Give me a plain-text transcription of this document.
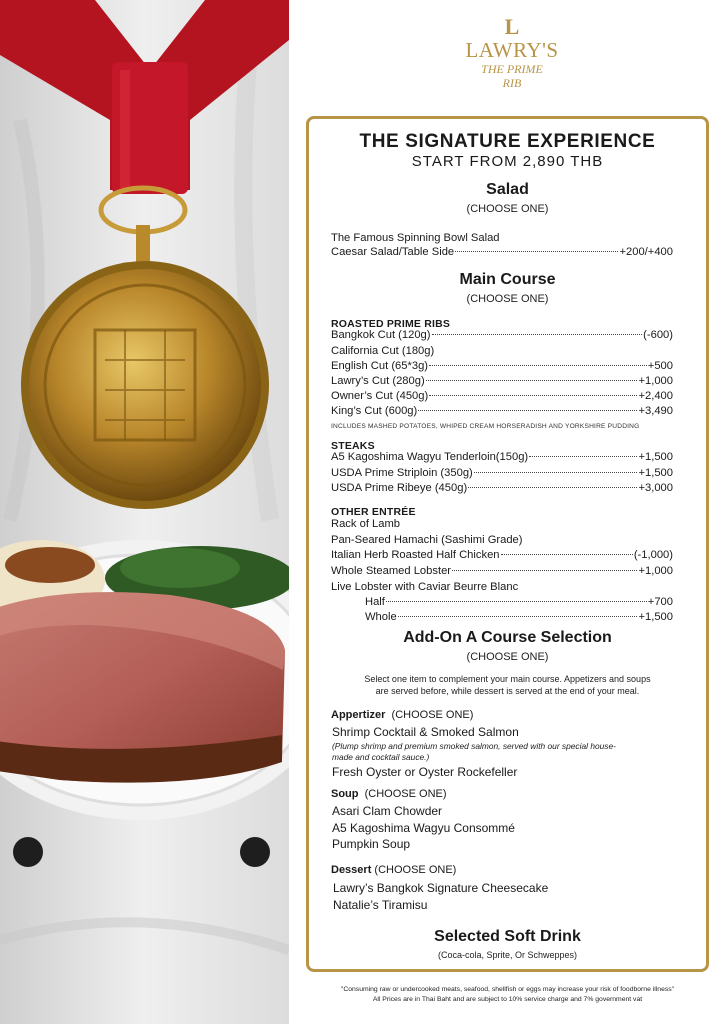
L
LAWRY'S
THE PRIME
RIB
THE SIGNATURE EXPERIENCE
START FROM 2,890 THB
Salad
(CHOOSE ONE)
The Famous Spinning Bowl Salad
Caesar Salad/Table Side	+200/+400
Main Course
(CHOOSE ONE)
ROASTED PRIME RIBS
Bangkok Cut (120g)	(-600)
California Cut (180g)
English Cut (65*3g)	+500
Lawry’s Cut (280g)	+1,000
Owner’s Cut (450g)	+2,400
King’s Cut (600g)	+3,490
INCLUDES MASHED POTATOES, WHIPED CREAM HORSERADISH AND YORKSHIRE PUDDING
STEAKS
A5 Kagoshima Wagyu Tenderloin(150g)	+1,500
USDA Prime Striploin (350g)	+1,500
USDA Prime Ribeye (450g)	+3,000
OTHER ENTRÉE
Rack of Lamb
Pan-Seared Hamachi (Sashimi Grade)
Italian Herb Roasted Half Chicken	(-1,000)
Whole Steamed Lobster	+1,000
Live Lobster with Caviar Beurre Blanc
Half	+700
Whole	+1,500
Add-On A Course Selection
(CHOOSE ONE)
Select one item to complement your main course. Appetizers and soups
are served before, while dessert is served at the end of your meal.
Appertizer (CHOOSE ONE)
Shrimp Cocktail & Smoked Salmon
(Plump shrimp and premium smoked salmon, served with our special house-
made and cocktail sauce.)
Fresh Oyster or Oyster Rockefeller
Soup (CHOOSE ONE)
Asari Clam Chowder
A5 Kagoshima Wagyu Consommé
Pumpkin Soup
Dessert (CHOOSE ONE)
Lawry’s Bangkok Signature Cheesecake
Natalie’s Tiramisu
Selected Soft Drink
(Coca-cola, Sprite, Or Schweppes)
"Consuming raw or undercooked meats, seafood, shellfish or eggs may increase your risk of foodborne illness"
All Prices are in Thai Baht and are subject to 10% service charge and 7% government vat
